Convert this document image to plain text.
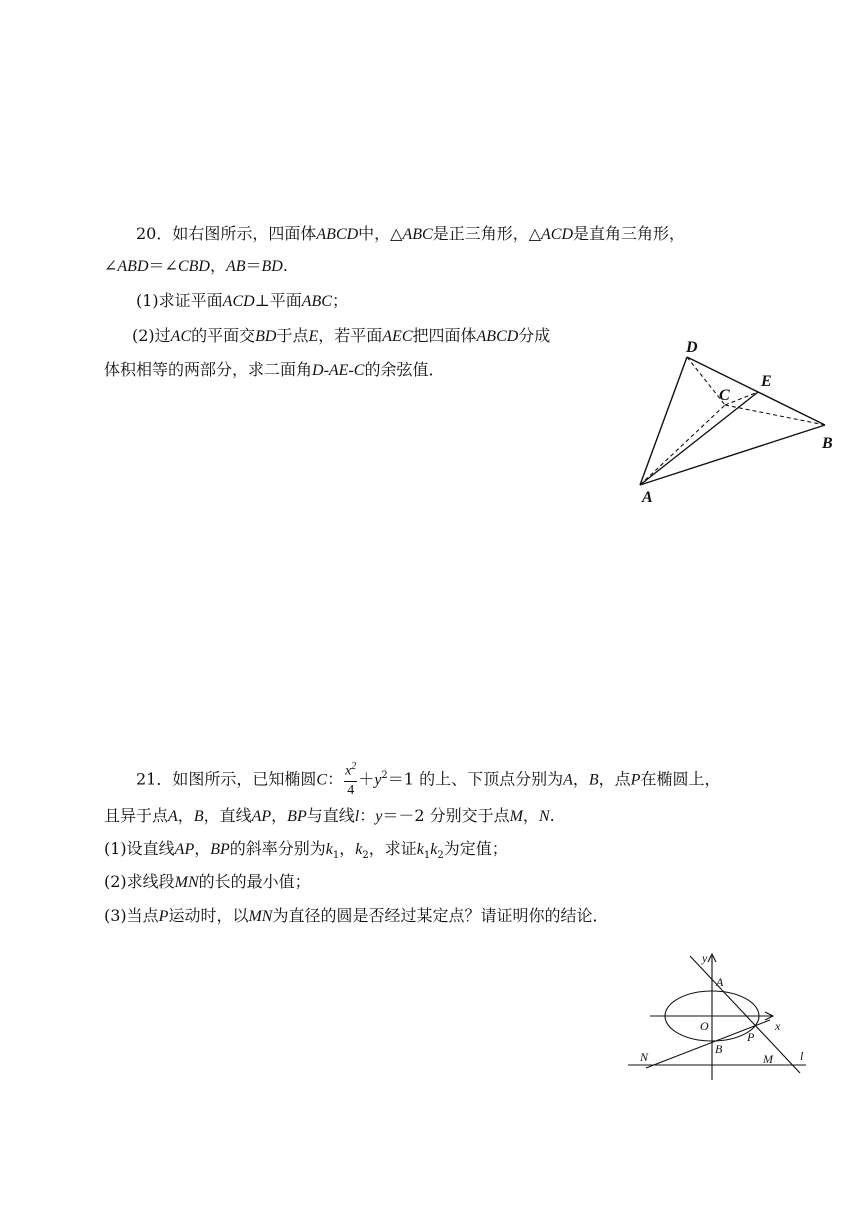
20．如右图所示，四面体ABCD中，△ABC是正三角形，△ACD是直角三角形，
∠ABD＝∠CBD，AB＝BD.
(1)求证平面ACD⊥平面ABC；
(2)过AC的平面交BD于点E，若平面AEC把四面体ABCD分成
体积相等的两部分，求二面角D-AE-C的余弦值．
D
E
C
B
A
21．如图所示，已知椭圆C： $\frac{x^2}{4} +y^2=1$ 的上、下顶点分别为A，B，点P在椭圆上，
且异于点A，B，直线AP，BP与直线l：y＝－2 分别交于点M，N.
(1)设直线AP，BP的斜率分别为$k_1$，$k_2$，求证$k_1k_2$为定值；
(2)求线段MN的长的最小值；
(3)当点P运动时，以MN为直径的圆是否经过某定点？请证明你的结论．
y
A
O	x
P
B
N	M l
